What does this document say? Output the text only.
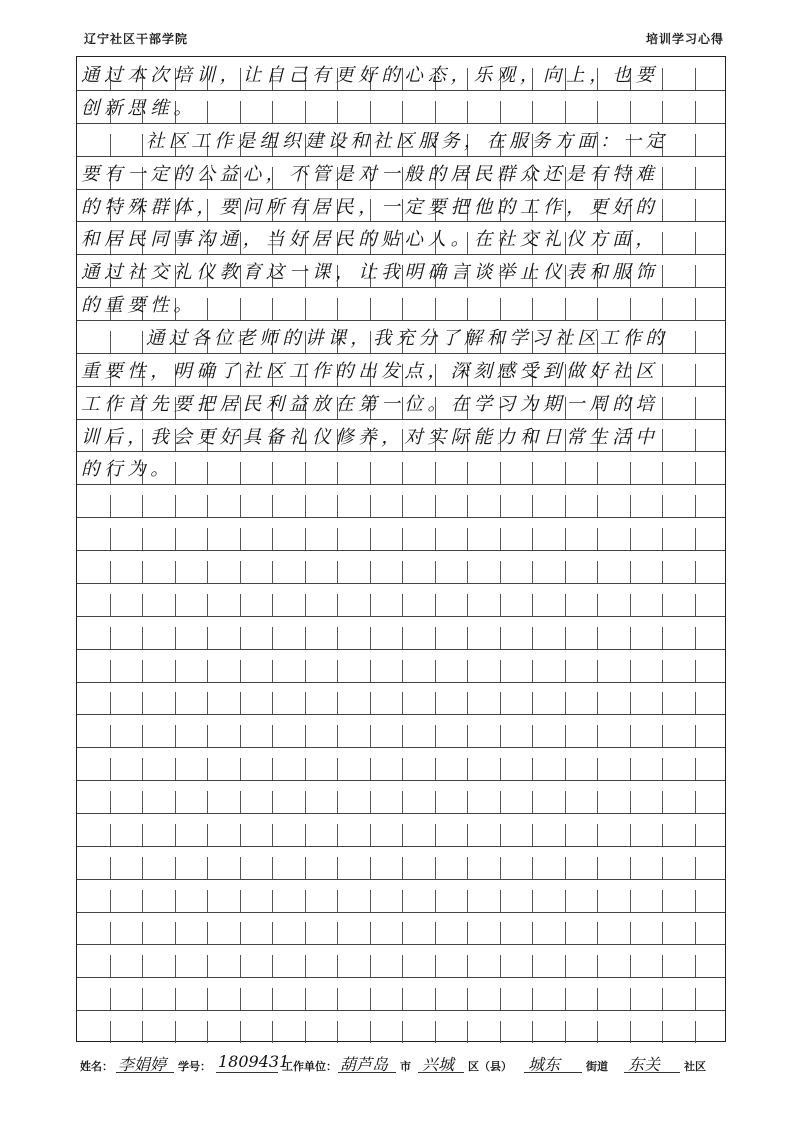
辽宁社区干部学院	培训学习心得
通过本次培训，让自己有更好的心态，乐观，向上，也要
创新思维。
社区工作是组织建设和社区服务，在服务方面：一定
要有一定的公益心，不管是对一般的居民群众还是有特难
的特殊群体，要问所有居民，一定要把他的工作，更好的
和居民同事沟通，当好居民的贴心人。在社交礼仪方面，
通过社交礼仪教育这一课，让我明确言谈举止仪表和服饰
的重要性。
通过各位老师的讲课，我充分了解和学习社区工作的
重要性，明确了社区工作的出发点，深刻感受到做好社区
工作首先要把居民利益放在第一位。在学习为期一周的培
训后，我会更好具备礼仪修养，对实际能力和日常生活中
的行为。
姓名： 李娟婷 学号： 1809431
工作单位： 葫芦岛 市 兴城 区（县） 城东 街道 东关 社区
